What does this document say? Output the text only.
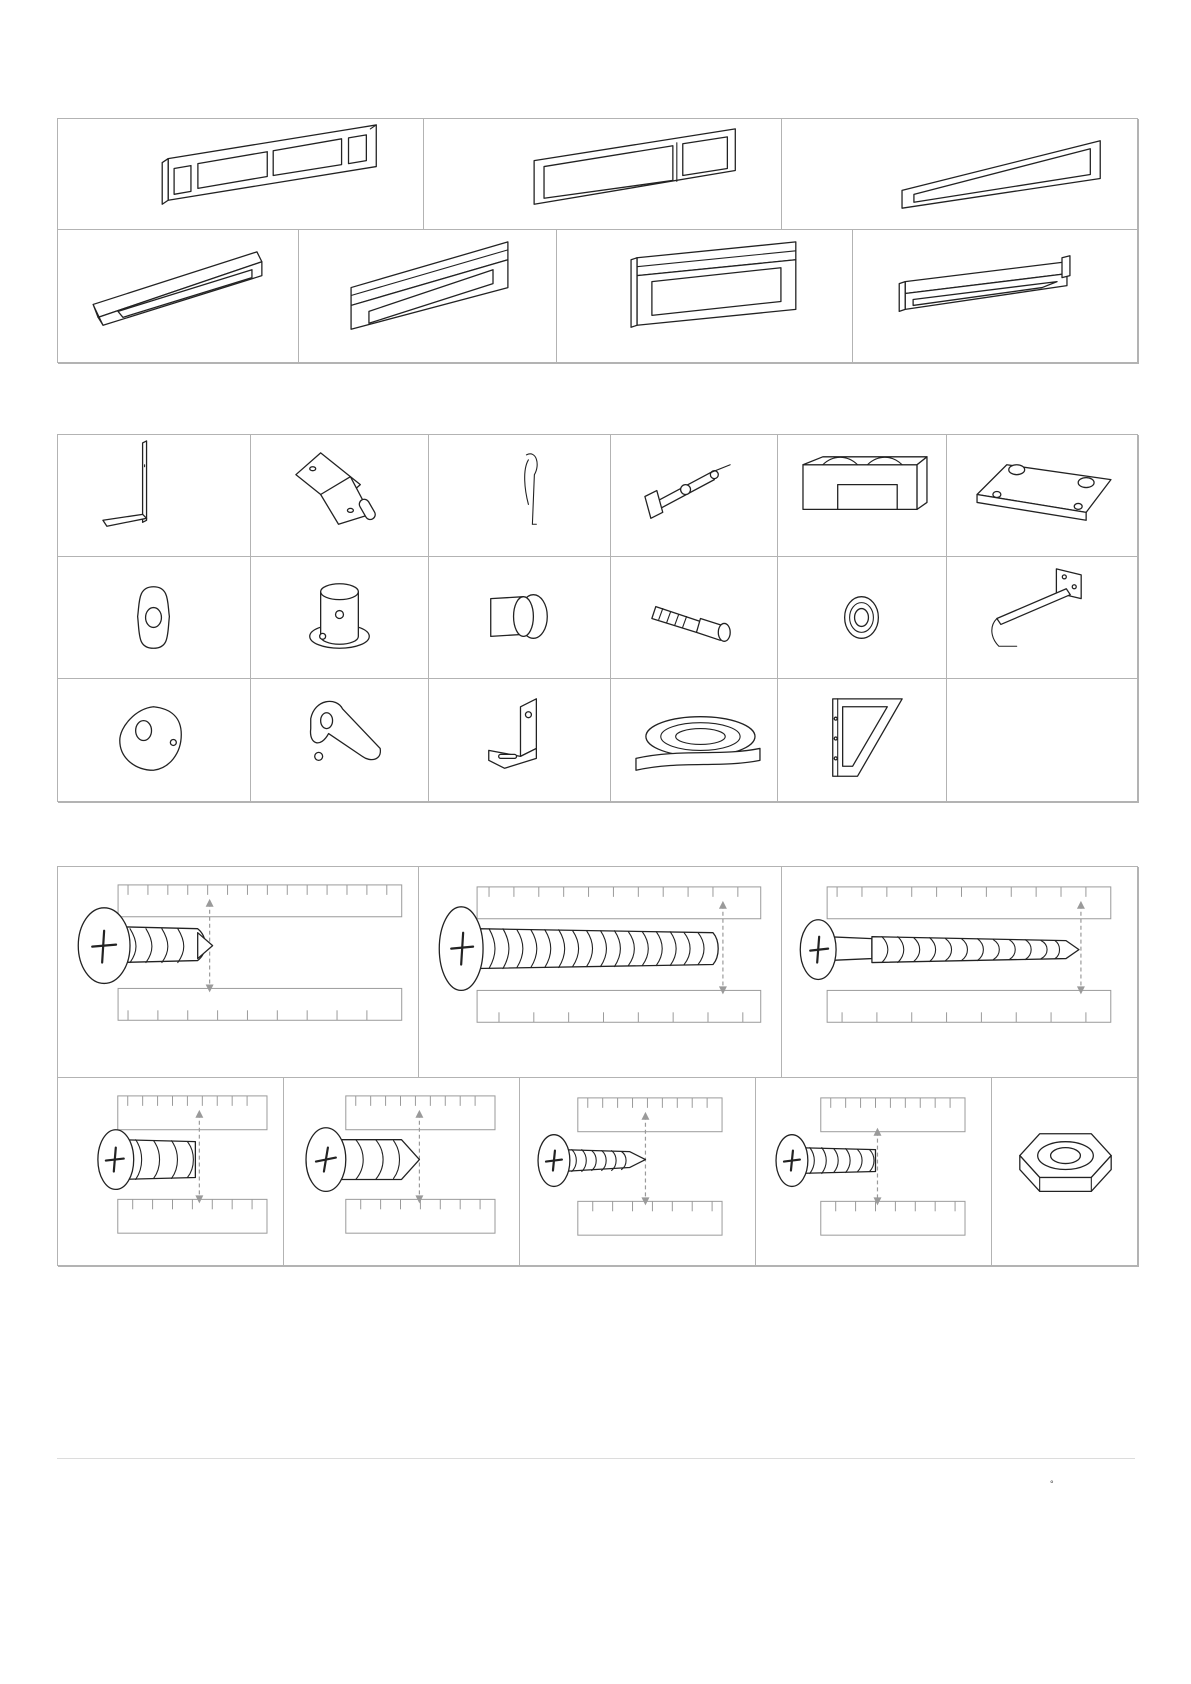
°
